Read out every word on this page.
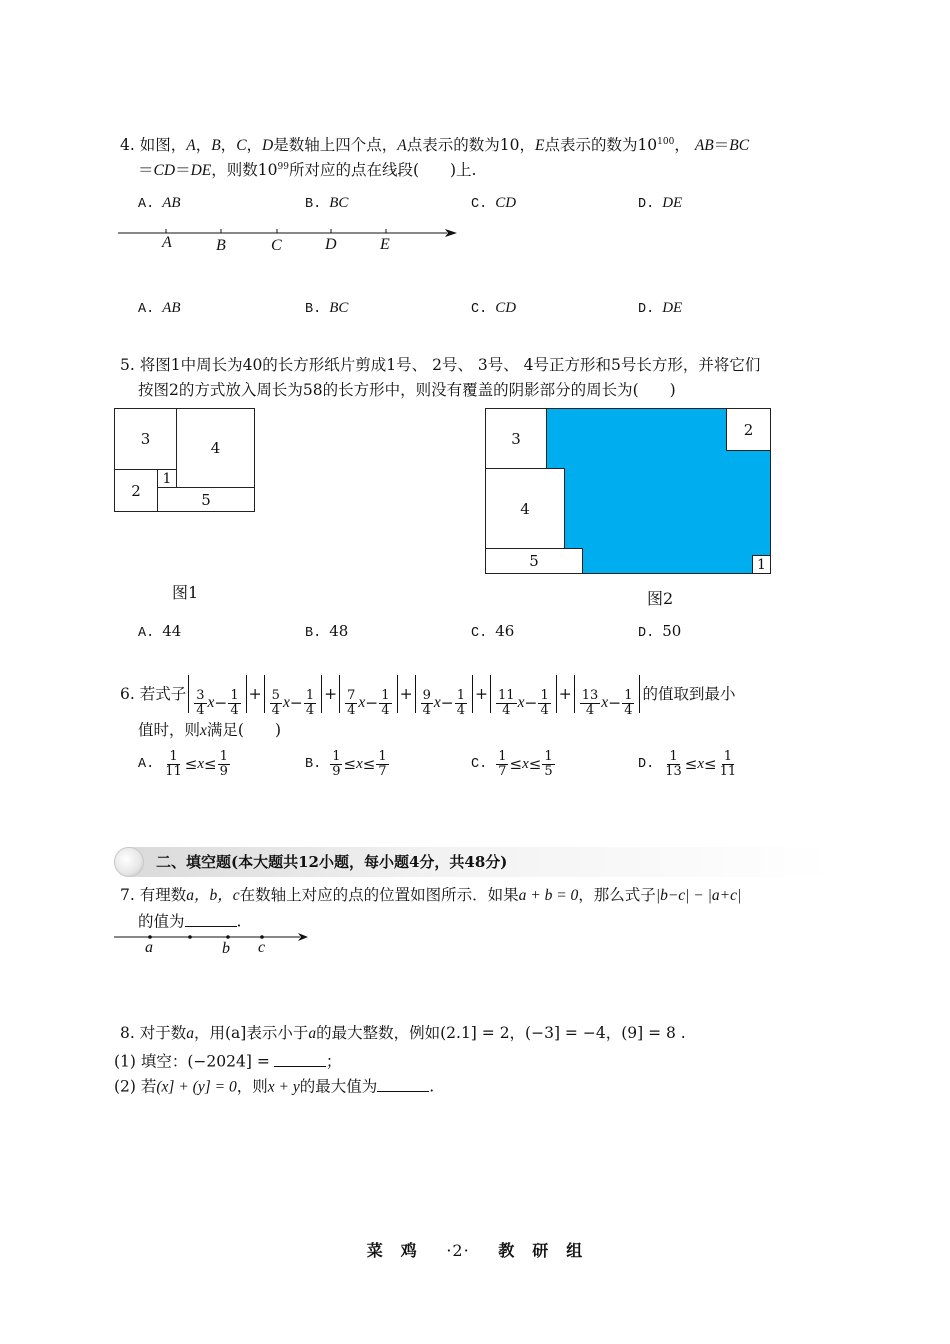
4. 如图，A，B，C，D是数轴上四个点，A点表示的数为10，E点表示的数为$10^{100}$， AB＝BC
＝CD＝DE，则数$10^{99}$所对应的点在线段(　　)上.
A. AB	B. BC	C. CD	D. DE
A	B	C	D	E
A. AB	B. BC	C. CD	D. DE
5. 将图1中周长为40的长方形纸片剪成1号、 2号、 3号、 4号正方形和5号长方形，并将它们
按图2的方式放入周长为58的长方形中，则没有覆盖的阴影部分的周长为(　　)
3	4
1
2	5
图1
3	2
4
5	1
图2
A. 44	B. 48	C. 46	D. 50
6. 若式子 $\frac{3}{4}$ $x - \frac{1}{4} + \frac{5}{4}$ $x - \frac{1}{4} + \frac{7}{4}$ $x - \frac{1}{4} + \frac{9}{4}$ $x - \frac{1}{4} + \frac{11}{4}$ $x - \frac{1}{4} + \frac{13}{4}$ $x - \frac{1}{4}$ 的值取到最小
值时，则x满足(　　)
A. $\frac{1}{11} \le x \le \frac{1}{9}$	B. $\frac{1}{9} \le x \le \frac{1}{7}$	C. $\frac{1}{7} \le x \le \frac{1}{5}$	D. $\frac{1}{13} \le x \le \frac{1}{11}$
二、填空题(本大题共12小题，每小题4分，共48分)
7. 有理数a，b，c在数轴上对应的点的位置如图所示．如果a + b = 0，那么式子|b−c| − |a+c|
的值为	.
a	b c
8. 对于数a，用(a]表示小于a的最大整数，例如(2.1] = 2，(−3] = −4，(9] = 8 .
(1) 填空：(−2024] =	；
(2) 若(x] + (y] = 0，则x + y的最大值为	.
菜　鸡 ·2· 教　研　组
